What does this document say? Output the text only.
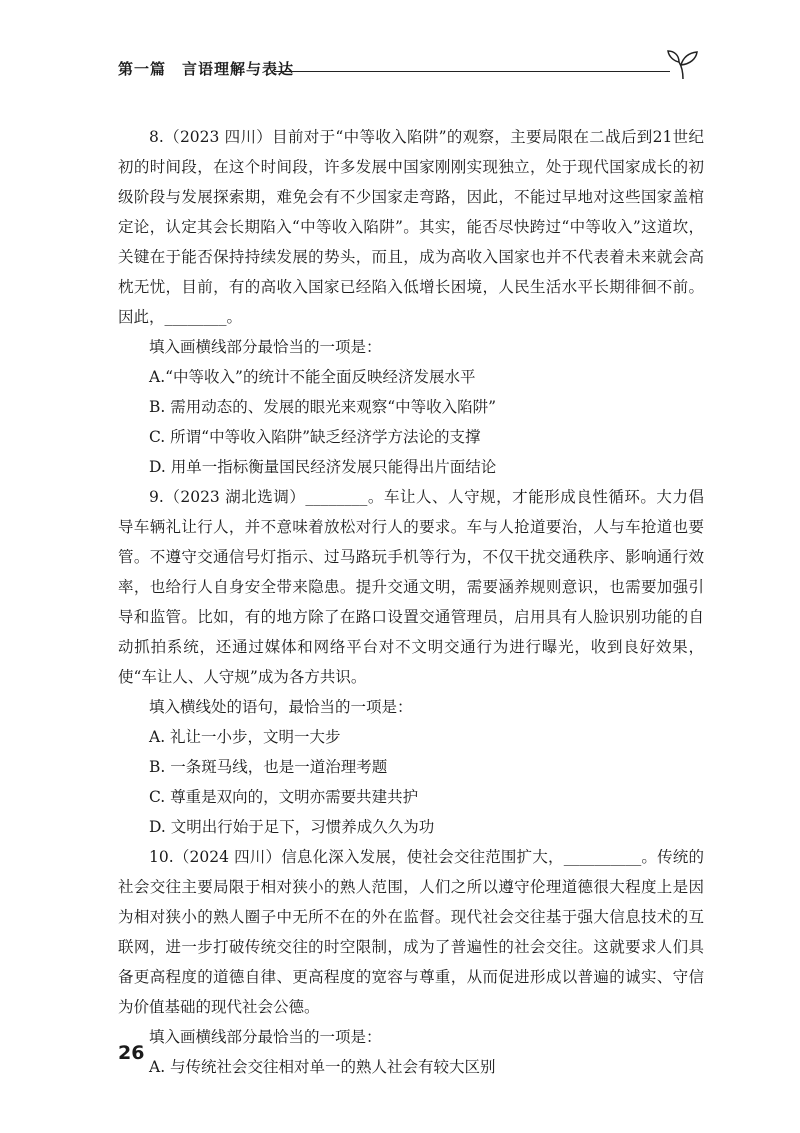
第一篇　言语理解与表达

8.（2023 四川）目前对于“中等收入陷阱”的观察，主要局限在二战后到21世纪初的时间段，在这个时间段，许多发展中国家刚刚实现独立，处于现代国家成长的初级阶段与发展探索期，难免会有不少国家走弯路，因此，不能过早地对这些国家盖棺定论，认定其会长期陷入“中等收入陷阱”。其实，能否尽快跨过“中等收入”这道坎，关键在于能否保持持续发展的势头，而且，成为高收入国家也并不代表着未来就会高枕无忧，目前，有的高收入国家已经陷入低增长困境，人民生活水平长期徘徊不前。因此，________。

填入画横线部分最恰当的一项是：

A.“中等收入”的统计不能全面反映经济发展水平

B. 需用动态的、发展的眼光来观察“中等收入陷阱”

C. 所谓“中等收入陷阱”缺乏经济学方法论的支撑

D. 用单一指标衡量国民经济发展只能得出片面结论

9.（2023 湖北选调）________。车让人、人守规，才能形成良性循环。大力倡导车辆礼让行人，并不意味着放松对行人的要求。车与人抢道要治，人与车抢道也要管。不遵守交通信号灯指示、过马路玩手机等行为，不仅干扰交通秩序、影响通行效率，也给行人自身安全带来隐患。提升交通文明，需要涵养规则意识，也需要加强引导和监管。比如，有的地方除了在路口设置交通管理员，启用具有人脸识别功能的自动抓拍系统，还通过媒体和网络平台对不文明交通行为进行曝光，收到良好效果，使“车让人、人守规”成为各方共识。

填入横线处的语句，最恰当的一项是：

A. 礼让一小步，文明一大步

B. 一条斑马线，也是一道治理考题

C. 尊重是双向的，文明亦需要共建共护

D. 文明出行始于足下，习惯养成久久为功

10.（2024 四川）信息化深入发展，使社会交往范围扩大，__________。传统的社会交往主要局限于相对狭小的熟人范围，人们之所以遵守伦理道德很大程度上是因为相对狭小的熟人圈子中无所不在的外在监督。现代社会交往基于强大信息技术的互联网，进一步打破传统交往的时空限制，成为了普遍性的社会交往。这就要求人们具备更高程度的道德自律、更高程度的宽容与尊重，从而促进形成以普遍的诚实、守信为价值基础的现代社会公德。

填入画横线部分最恰当的一项是：

A. 与传统社会交往相对单一的熟人社会有较大区别

26
